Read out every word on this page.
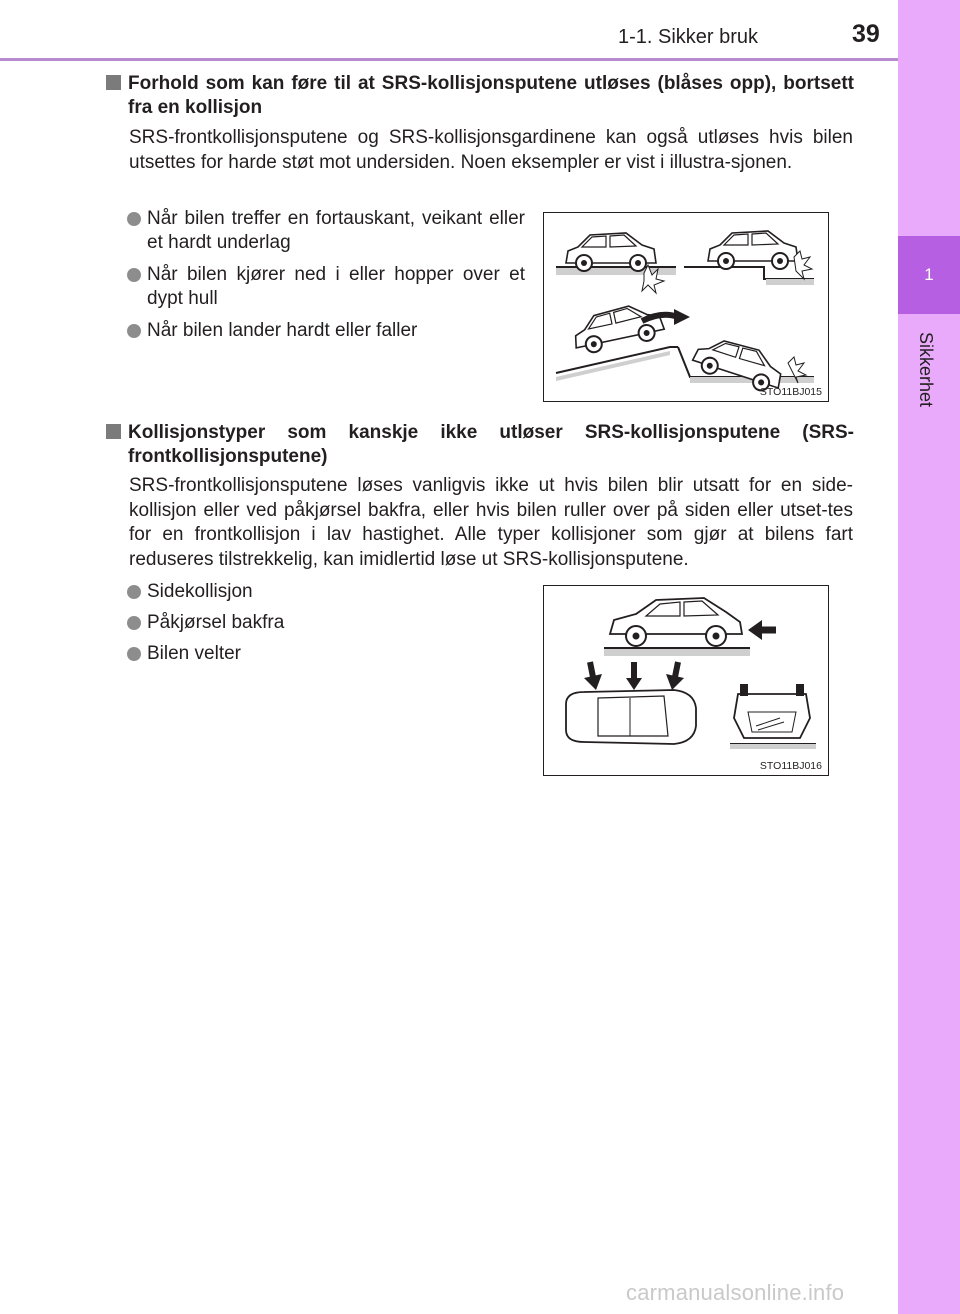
1-1. Sikker bruk	39
1
Sikkerhet
Forhold som kan føre til at SRS-kollisjonsputene utløses (blåses opp), bortsett fra en kollisjon
SRS-frontkollisjonsputene og SRS-kollisjonsgardinene kan også utløses hvis bilen utsettes for harde støt mot undersiden. Noen eksempler er vist i illustra-sjonen.
Når bilen treffer en fortauskant, veikant eller et hardt underlag
Når bilen kjører ned i eller hopper over et dypt hull
Når bilen lander hardt eller faller
STO11BJ015
Kollisjonstyper som kanskje ikke utløser SRS-kollisjonsputene (SRS-frontkollisjonsputene)
SRS-frontkollisjonsputene løses vanligvis ikke ut hvis bilen blir utsatt for en side-kollisjon eller ved påkjørsel bakfra, eller hvis bilen ruller over på siden eller utset-tes for en frontkollisjon i lav hastighet. Alle typer kollisjoner som gjør at bilens fart reduseres tilstrekkelig, kan imidlertid løse ut SRS-kollisjonsputene.
Sidekollisjon
Påkjørsel bakfra
Bilen velter
STO11BJ016
carmanualsonline.info
